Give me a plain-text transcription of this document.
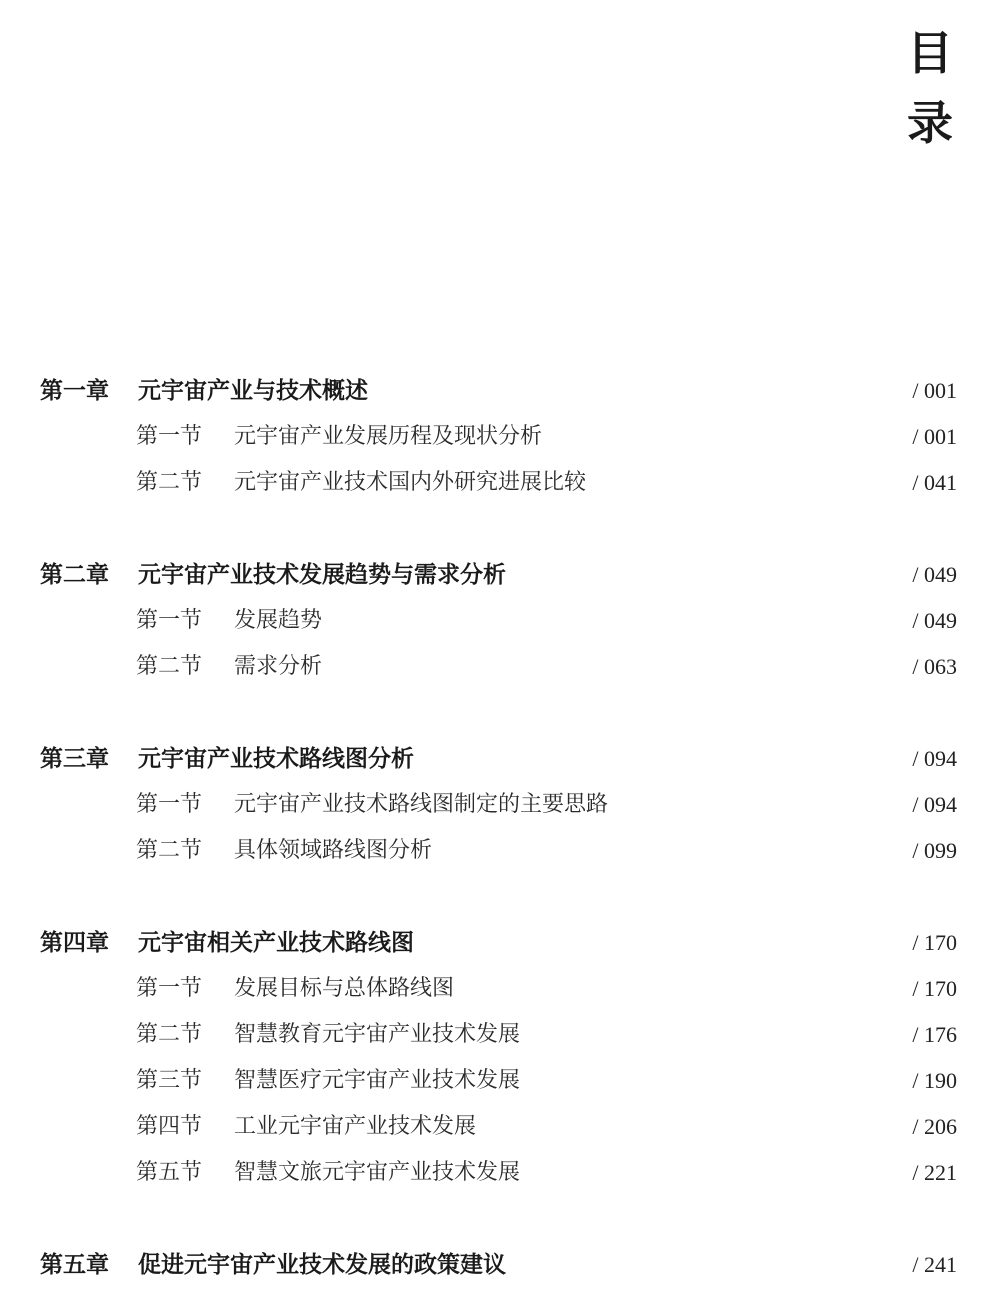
目
录
第一章 元宇宙产业与技术概述	/ 001
第一节 元宇宙产业发展历程及现状分析	/ 001
第二节 元宇宙产业技术国内外研究进展比较	/ 041
第二章 元宇宙产业技术发展趋势与需求分析	/ 049
第一节 发展趋势	/ 049
第二节 需求分析	/ 063
第三章 元宇宙产业技术路线图分析	/ 094
第一节 元宇宙产业技术路线图制定的主要思路	/ 094
第二节 具体领域路线图分析	/ 099
第四章 元宇宙相关产业技术路线图	/ 170
第一节 发展目标与总体路线图	/ 170
第二节 智慧教育元宇宙产业技术发展	/ 176
第三节 智慧医疗元宇宙产业技术发展	/ 190
第四节 工业元宇宙产业技术发展	/ 206
第五节 智慧文旅元宇宙产业技术发展	/ 221
第五章 促进元宇宙产业技术发展的政策建议	/ 241
